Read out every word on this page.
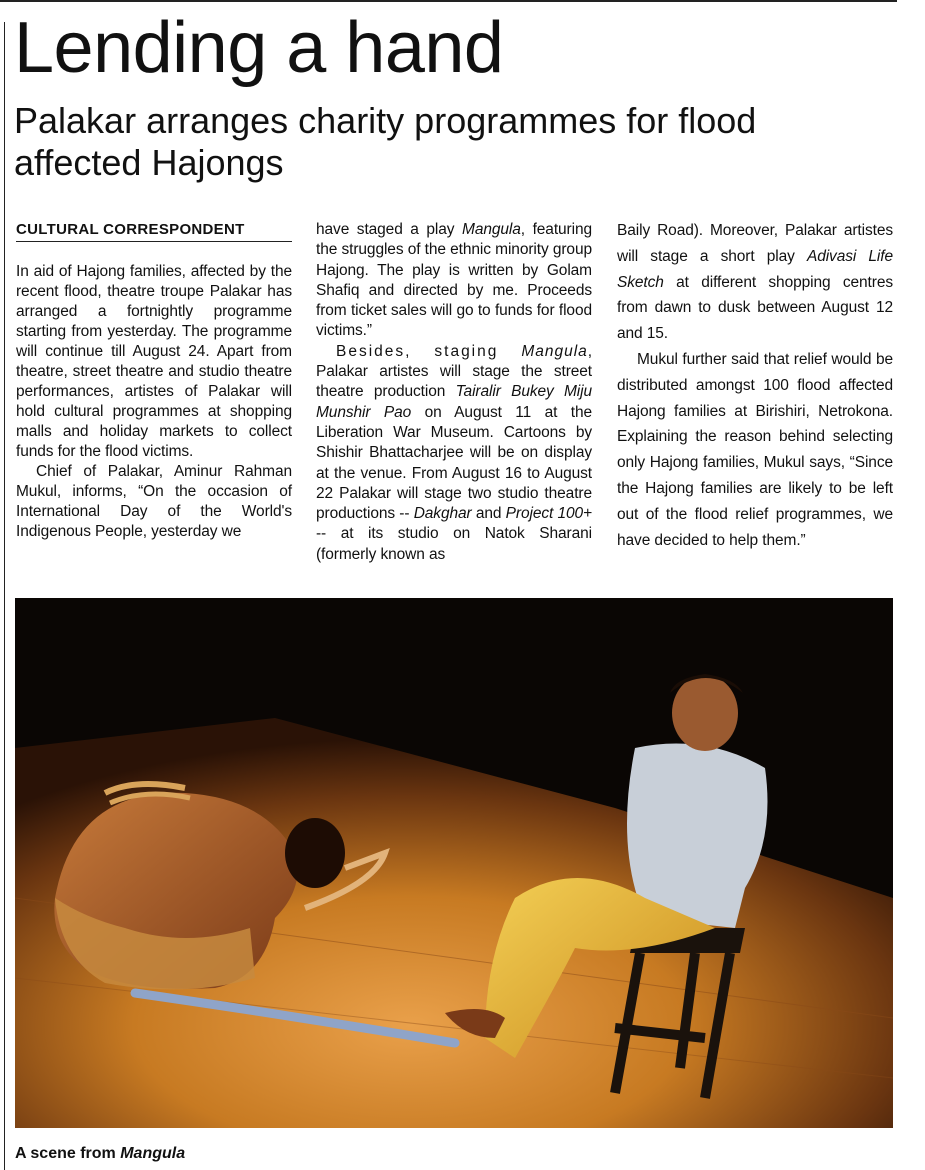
Lending a hand
Palakar arranges charity programmes for flood affected Hajongs
CULTURAL CORRESPONDENT

In aid of Hajong families, affected by the recent flood, theatre troupe Palakar has arranged a fortnightly programme starting from yesterday. The programme will continue till August 24. Apart from theatre, street theatre and studio theatre performances, artistes of Palakar will hold cultural programmes at shopping malls and holiday markets to collect funds for the flood victims.

Chief of Palakar, Aminur Rahman Mukul, informs, “On the occasion of International Day of the World's Indigenous People, yesterday we

have staged a play Mangula, featuring the struggles of the ethnic minority group Hajong. The play is written by Golam Shafiq and directed by me. Proceeds from ticket sales will go to funds for flood victims.”

Besides, staging Mangula, Palakar artistes will stage the street theatre production Tairalir Bukey Miju Munshir Pao on August 11 at the Liberation War Museum. Cartoons by Shishir Bhattacharjee will be on display at the venue. From August 16 to August 22 Palakar will stage two studio theatre productions -- Dakghar and Project 100+ -- at its studio on Natok Sharani (formerly known as

Baily Road). Moreover, Palakar artistes will stage a short play Adivasi Life Sketch at different shopping centres from dawn to dusk between August 12 and 15.

Mukul further said that relief would be distributed amongst 100 flood affected Hajong families at Birishiri, Netrokona. Explaining the reason behind selecting only Hajong families, Mukul says, “Since the Hajong families are likely to be left out of the flood relief programmes, we have decided to help them.”

A scene from Mangula
